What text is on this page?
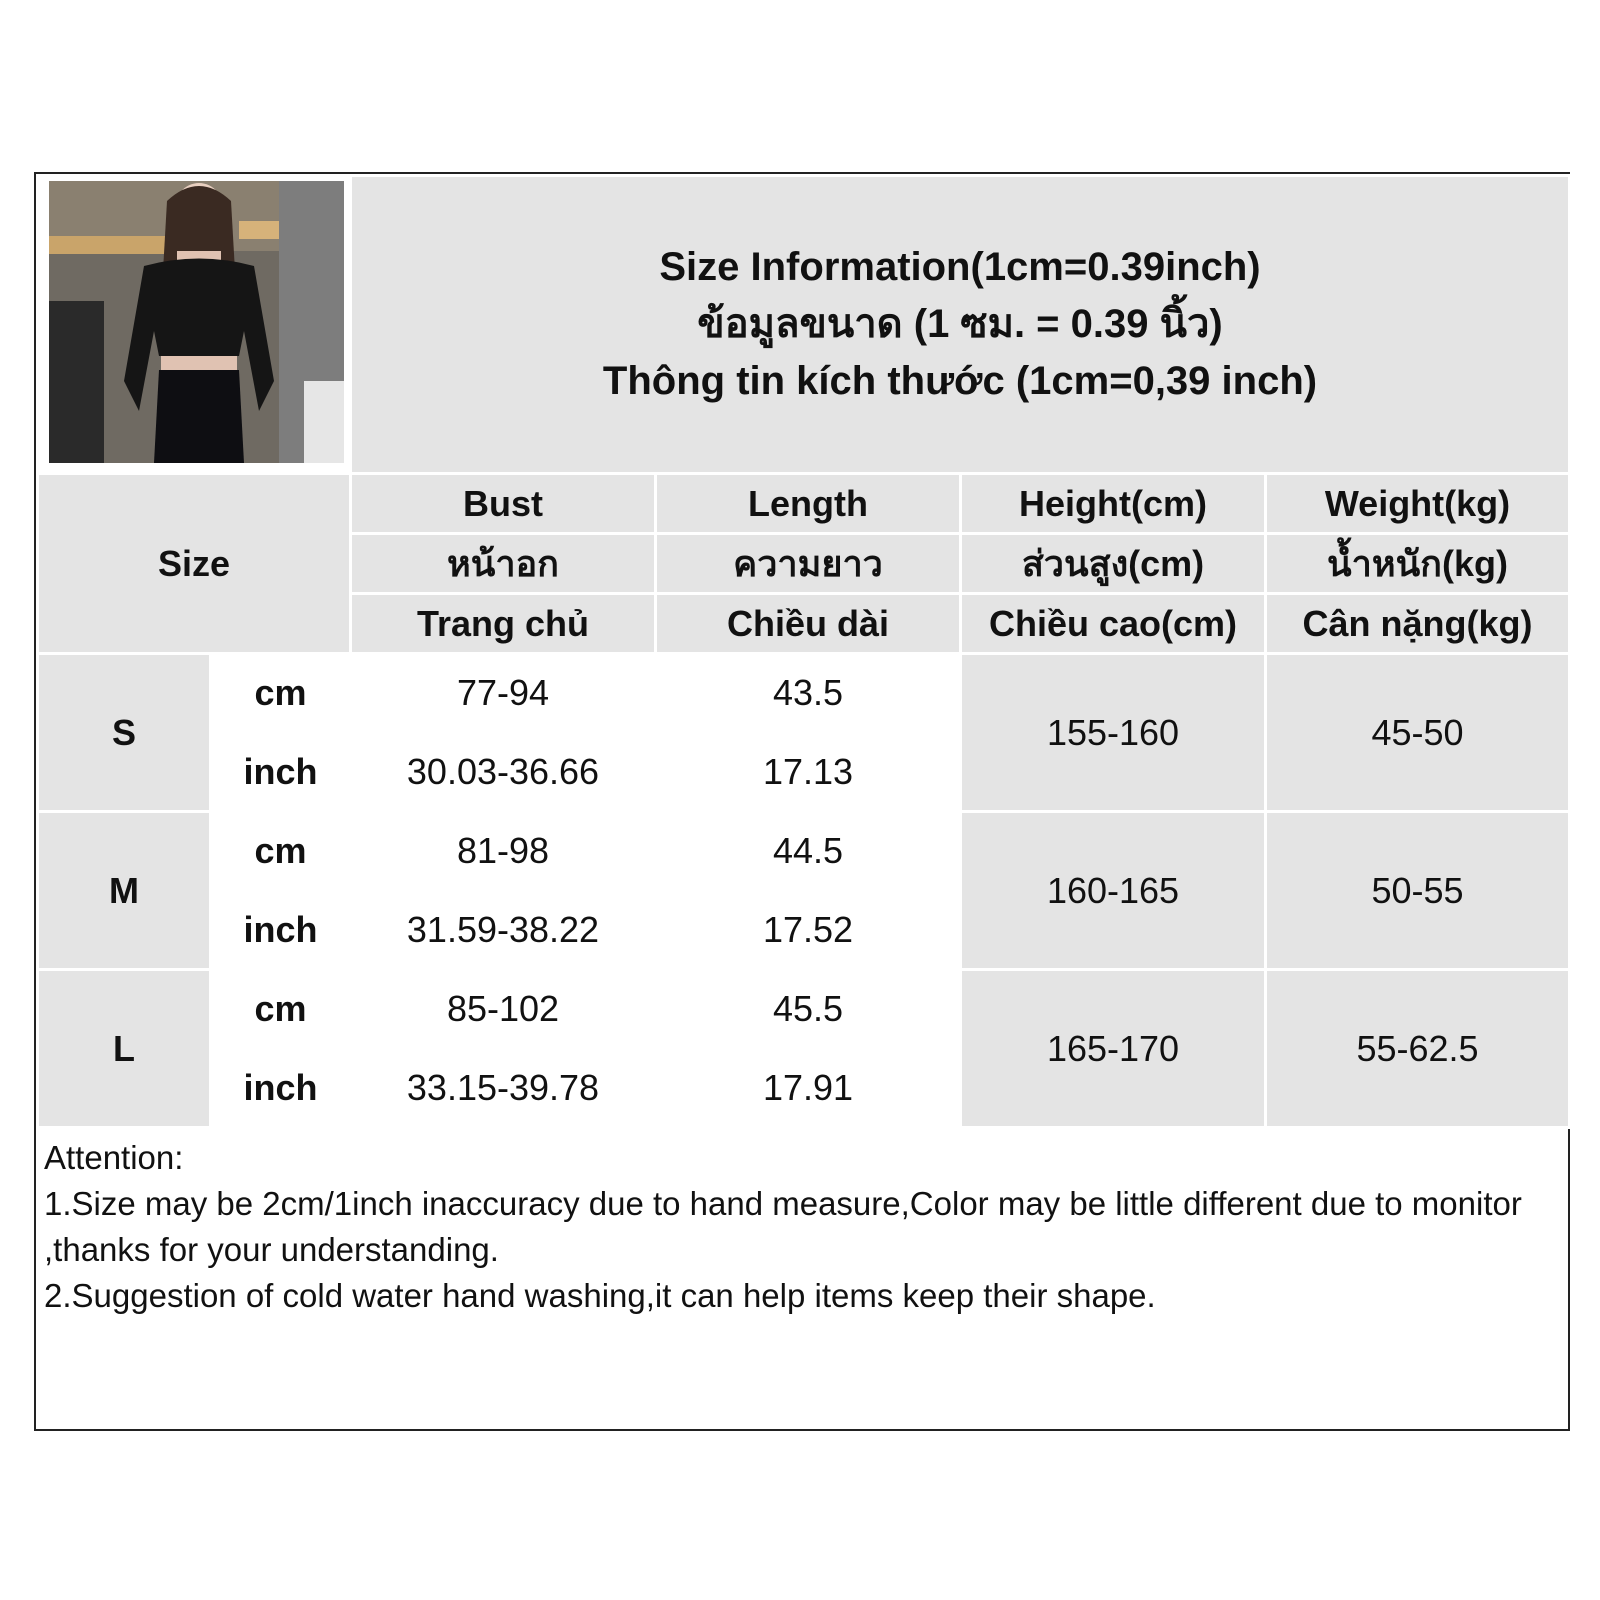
Size Information(1cm=0.39inch)
ข้อมูลขนาด (1 ซม. = 0.39 นิ้ว)
Thông tin kích thước (1cm=0,39 inch)			

Size		Bust	Length	Height(cm)	Weight(kg)
		หน้าอก	ความยาว	ส่วนสูง(cm)	น้ำหนัก(kg)
		Trang chủ	Chiều dài	Chiều cao(cm)	Cân nặng(kg)
S	cm	77-94	43.5	155-160	45-50
	inch	30.03-36.66	17.13		
M	cm	81-98	44.5	160-165	50-55
	inch	31.59-38.22	17.52		
L	cm	85-102	45.5	165-170	55-62.5
	inch	33.15-39.78	17.91		
Attention:
1.Size may be 2cm/1inch inaccuracy due to hand measure,Color may be little different due to monitor ,thanks for your understanding.
2.Suggestion of cold water hand washing,it can help items keep their shape.
